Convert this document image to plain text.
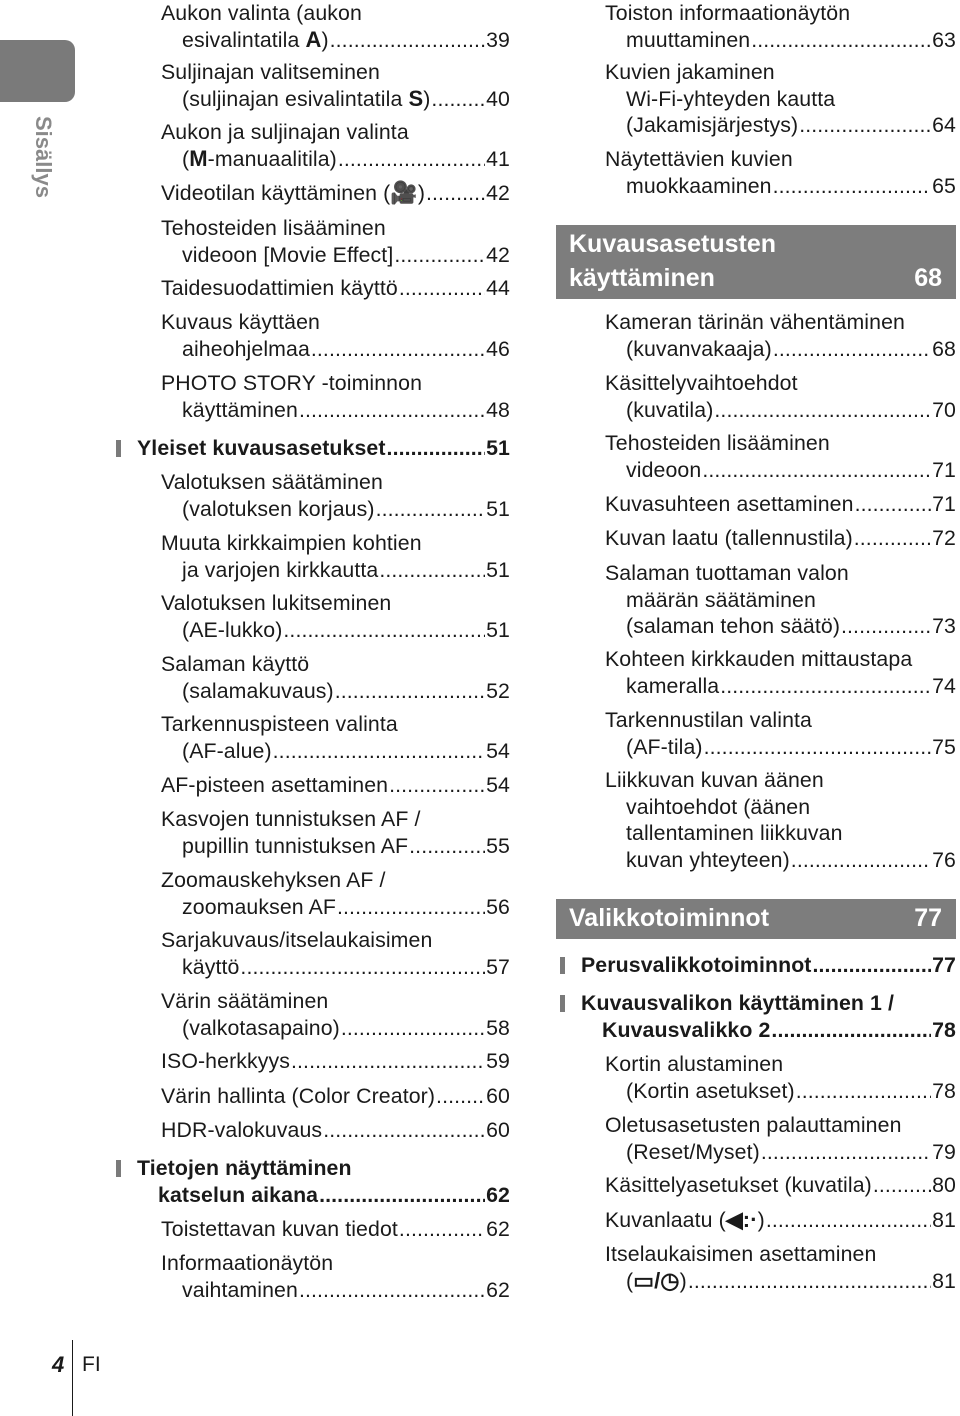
Sisällys
Aukon valinta (aukon
esivalintatila A) .....	39
Suljinajan valitseminen
(suljinajan esivalintatila S) .....	40
Aukon ja suljinajan valinta
(M-manuaalitila) .....	41
Videotilan käyttäminen (🎥) .....	42
Tehosteiden lisääminen
videoon [Movie Effect] .....	42
Taidesuodattimien käyttö .....	44
Kuvaus käyttäen
aiheohjelmaa .....	46
PHOTO STORY -toiminnon
käyttäminen .....	48
Yleiset kuvausasetukset .....	51
Valotuksen säätäminen
(valotuksen korjaus) .....	51
Muuta kirkkaimpien kohtien
ja varjojen kirkkautta .....	51
Valotuksen lukitseminen
(AE-lukko) .....	51
Salaman käyttö
(salamakuvaus) .....	52
Tarkennuspisteen valinta
(AF-alue) .....	54
AF-pisteen asettaminen .....	54
Kasvojen tunnistuksen AF /
pupillin tunnistuksen AF .....	55
Zoomauskehyksen AF /
zoomauksen AF .....	56
Sarjakuvaus/itselaukaisimen
käyttö .....	57
Värin säätäminen
(valkotasapaino) .....	58
ISO-herkkyys .....	59
Värin hallinta (Color Creator) ..... 60
HDR-valokuvaus .....	60
Tietojen näyttäminen
katselun aikana .....	62
Toistettavan kuvan tiedot .....	62
Informaationäytön
vaihtaminen .....	62
Toiston informaationäytön
muuttaminen .....	63
Kuvien jakaminen
Wi-Fi-yhteyden kautta
(Jakamisjärjestys) .....	64
Näytettävien kuvien
muokkaaminen .....	65
Kuvausasetusten
käyttäminen	68
Kameran tärinän vähentäminen
(kuvanvakaaja) .....	68
Käsittelyvaihtoehdot
(kuvatila) .....	70
Tehosteiden lisääminen
videoon .....	71
Kuvasuhteen asettaminen .....	71
Kuvan laatu (tallennustila) .....	72
Salaman tuottaman valon
määrän säätäminen
(salaman tehon säätö) .....	73
Kohteen kirkkauden mittaustapa
kameralla .....	74
Tarkennustilan valinta
(AF-tila) .....	75
Liikkuvan kuvan äänen
vaihtoehdot (äänen
tallentaminen liikkuvan
kuvan yhteyteen) .....	76
Valikkotoiminnot	77
Perusvalikkotoiminnot .....	77
Kuvausvalikon käyttäminen 1 /
Kuvausvalikko 2 .....	78
Kortin alustaminen
(Kortin asetukset) .....	78
Oletusasetusten palauttaminen
(Reset/Myset) .....	79
Käsittelyasetukset (kuvatila) .....	80
Kuvanlaatu (◀:·) .....	81
Itselaukaisimen asettaminen
(▭/◷) .....	81
4 FI
